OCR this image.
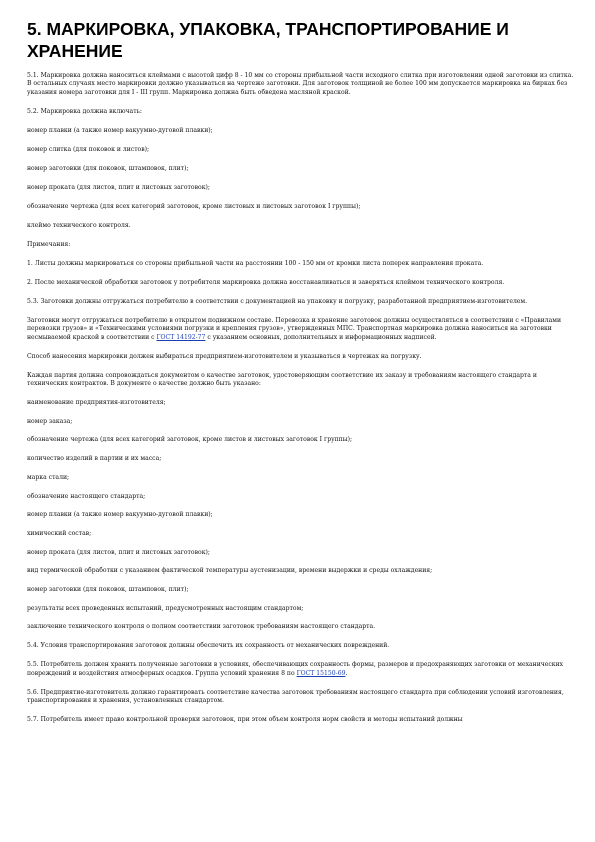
5. МАРКИРОВКА, УПАКОВКА, ТРАНСПОРТИРОВАНИЕ И ХРАНЕНИЕ

5.1. Маркировка должна наноситься клеймами с высотой цифр 8 - 10 мм со стороны прибыльной части исходного слитка при изготовлении одной заготовки из слитка. В остальных случаях место маркировки должно указываться на чертеже заготовки. Для заготовок толщиной не более 100 мм допускается маркировка на бирках без указания номера заготовки для I - III групп. Маркировка должна быть обведена масляной краской.

5.2. Маркировка должна включать:

номер плавки (а также номер вакуумно-дуговой плавки);

номер слитка (для поковок и листов);

номер заготовки (для поковок, штамповок, плит);

номер проката (для листов, плит и листовых заготовок);

обозначение чертежа (для всех категорий заготовок, кроме листовых и листовых заготовок I группы);

клеймо технического контроля.

Примечания:

1. Листы должны маркироваться со стороны прибыльной части на расстоянии 100 - 150 мм от кромки листа поперек направления проката.

2. После механической обработки заготовок у потребителя маркировка должна восстанавливаться и заверяться клеймом технического контроля.

5.3. Заготовки должны отгружаться потребителю в соответствии с документацией на упаковку и погрузку, разработанной предприятием-изготовителем.

Заготовки могут отгружаться потребителю в открытом подвижном составе. Перевозка и хранение заготовок должны осуществляться в соответствии с «Правилами перевозки грузов» и «Техническими условиями погрузки и крепления грузов», утвержденных МПС. Транспортная маркировка должна наноситься на заготовки несмываемой краской в соответствии с ГОСТ 14192-77 с указанием основных, дополнительных и информационных надписей.

Способ нанесения маркировки должен выбираться предприятием-изготовителем и указываться в чертежах на погрузку.

Каждая партия должна сопровождаться документом о качестве заготовок, удостоверяющим соответствие их заказу и требованиям настоящего стандарта и технических контрактов. В документе о качестве должно быть указано:

наименование предприятия-изготовителя;

номер заказа;

обозначение чертежа (для всех категорий заготовок, кроме листов и листовых заготовок I группы);

количество изделий в партии и их масса;

марка стали;

обозначение настоящего стандарта;

номер плавки (а также номер вакуумно-дуговой плавки);

химический состав;

номер проката (для листов, плит и листовых заготовок);

вид термической обработки с указанием фактической температуры аустенизации, времени выдержки и среды охлаждения;

номер заготовки (для поковок, штамповок, плит);

результаты всех проведенных испытаний, предусмотренных настоящим стандартом;

заключение технического контроля о полном соответствии заготовок требованиям настоящего стандарта.

5.4. Условия транспортирования заготовок должны обеспечить их сохранность от механических повреждений.

5.5. Потребитель должен хранить полученные заготовки в условиях, обеспечивающих сохранность формы, размеров и предохраняющих заготовки от механических повреждений и воздействия атмосферных осадков. Группа условий хранения 8 по ГОСТ 15150-69.

5.6. Предприятие-изготовитель должно гарантировать соответствие качества заготовок требованиям настоящего стандарта при соблюдении условий изготовления, транспортирования и хранения, установленных стандартом.

5.7. Потребитель имеет право контрольной проверки заготовок, при этом объем контроля норм свойств и методы испытаний должны
